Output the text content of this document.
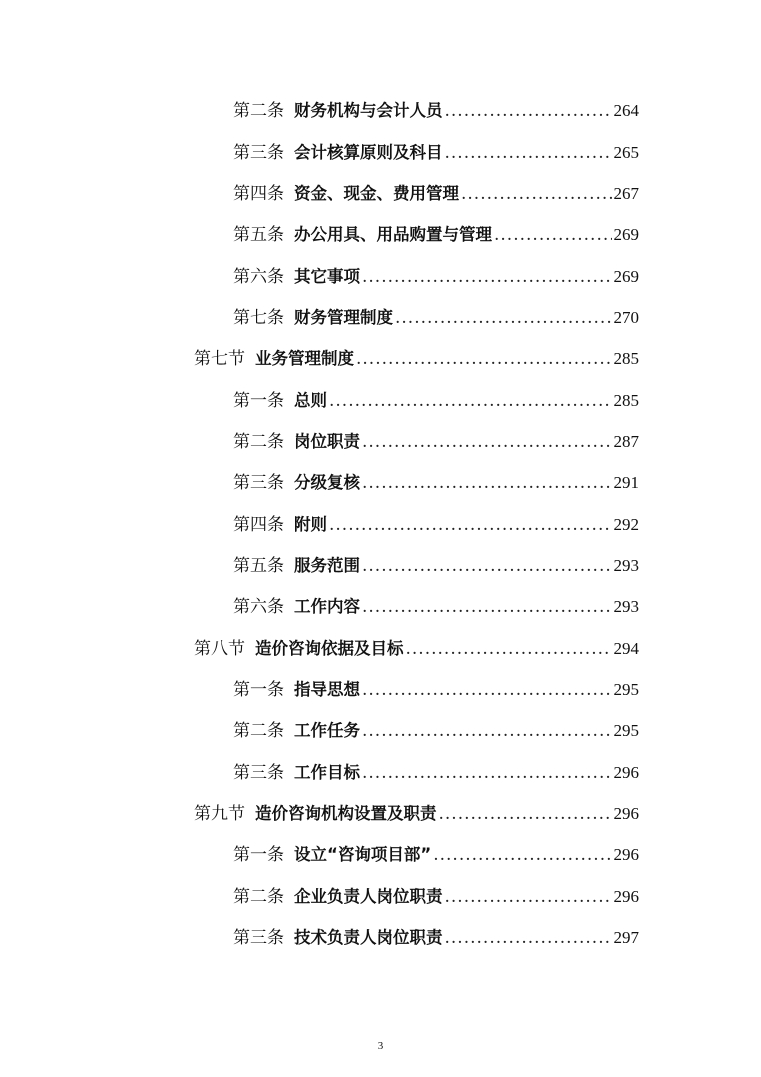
第二条 财务机构与会计人员 .....	264
第三条 会计核算原则及科目 .....	265
第四条 资金、现金、费用管理 .....	267
第五条 办公用具、用品购置与管理 .....	269
第六条 其它事项 .....	269
第七条 财务管理制度 .....	270
第七节 业务管理制度 .....	285
第一条 总则 .....	285
第二条 岗位职责 .....	287
第三条 分级复核 .....	291
第四条 附则 .....	292
第五条 服务范围 .....	293
第六条 工作内容 .....	293
第八节 造价咨询依据及目标 .....	294
第一条 指导思想 .....	295
第二条 工作任务 .....	295
第三条 工作目标 .....	296
第九节 造价咨询机构设置及职责 .....	296
第一条 设立“咨询项目部” .....	296
第二条 企业负责人岗位职责 .....	296
第三条 技术负责人岗位职责 .....	297
3
